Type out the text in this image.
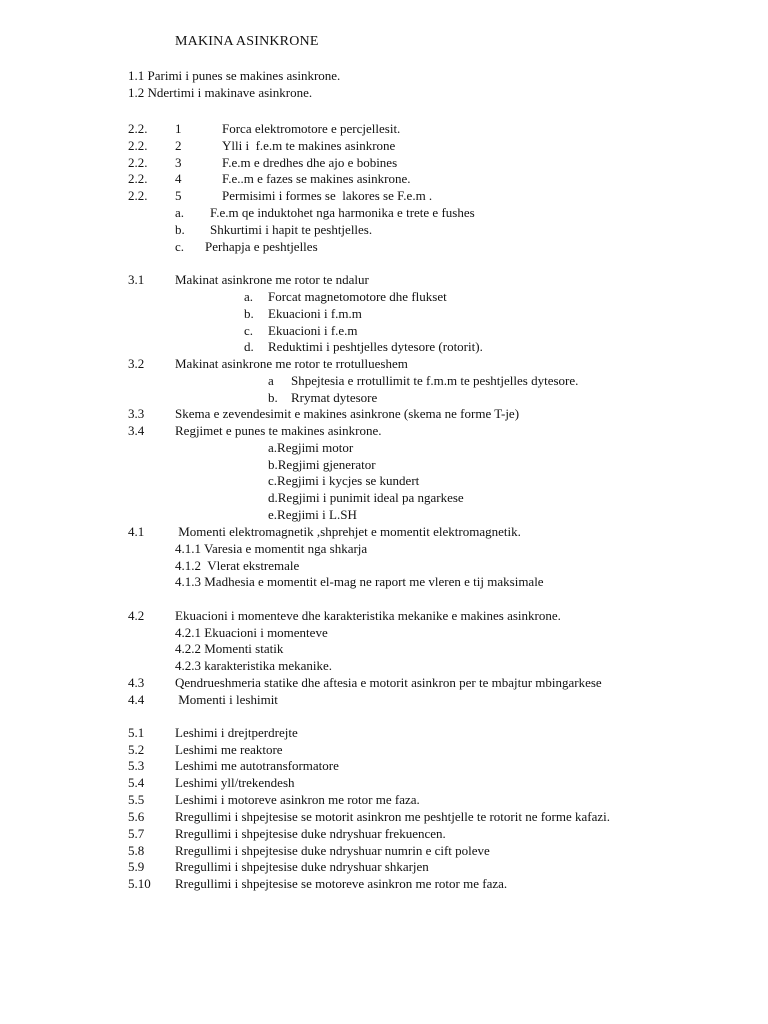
MAKINA ASINKRONE
1.1 Parimi i punes se makines asinkrone.
1.2 Ndertimi i makinave asinkrone.
2.2. 1	Forca elektromotore e percjellesit.
2.2. 2	Ylli i  f.e.m te makines asinkrone
2.2. 3	F.e.m e dredhes dhe ajo e bobines
2.2. 4	F.e..m e fazes se makines asinkrone.
2.2. 5	Permisimi i formes se  lakores se F.e.m .
a. F.e.m qe induktohet nga harmonika e trete e fushes
b. Shkurtimi i hapit te peshtjelles.
c. Perhapja e peshtjelles
3.1 Makinat asinkrone me rotor te ndalur
a. Forcat magnetomotore dhe flukset
b. Ekuacioni i f.m.m
c. Ekuacioni i f.e.m
d. Reduktimi i peshtjelles dytesore (rotorit).
3.2 Makinat asinkrone me rotor te rrotullueshem
a Shpejtesia e rrotullimit te f.m.m te peshtjelles dytesore.
b. Rrymat dytesore
3.3 Skema e zevendesimit e makines asinkrone (skema ne forme T-je)
3.4 Regjimet e punes te makines asinkrone.
a.Regjimi motor
b.Regjimi gjenerator
c.Regjimi i kycjes se kundert
d.Regjimi i punimit ideal pa ngarkese
e.Regjimi i L.SH
4.1 Momenti elektromagnetik ,shprehjet e momentit elektromagnetik.
4.1.1 Varesia e momentit nga shkarja
4.1.2  Vlerat ekstremale
4.1.3 Madhesia e momentit el-mag ne raport me vleren e tij maksimale
4.2 Ekuacioni i momenteve dhe karakteristika mekanike e makines asinkrone.
4.2.1 Ekuacioni i momenteve
4.2.2 Momenti statik
4.2.3 karakteristika mekanike.
4.3 Qendrueshmeria statike dhe aftesia e motorit asinkron per te mbajtur mbingarkese
4.4 Momenti i leshimit
5.1 Leshimi i drejtperdrejte
5.2 Leshimi me reaktore
5.3 Leshimi me autotransformatore
5.4 Leshimi yll/trekendesh
5.5 Leshimi i motoreve asinkron me rotor me faza.
5.6 Rregullimi i shpejtesise se motorit asinkron me peshtjelle te rotorit ne forme kafazi.
5.7 Rregullimi i shpejtesise duke ndryshuar frekuencen.
5.8 Rregullimi i shpejtesise duke ndryshuar numrin e cift poleve
5.9 Rregullimi i shpejtesise duke ndryshuar shkarjen
5.10 Rregullimi i shpejtesise se motoreve asinkron me rotor me faza.
